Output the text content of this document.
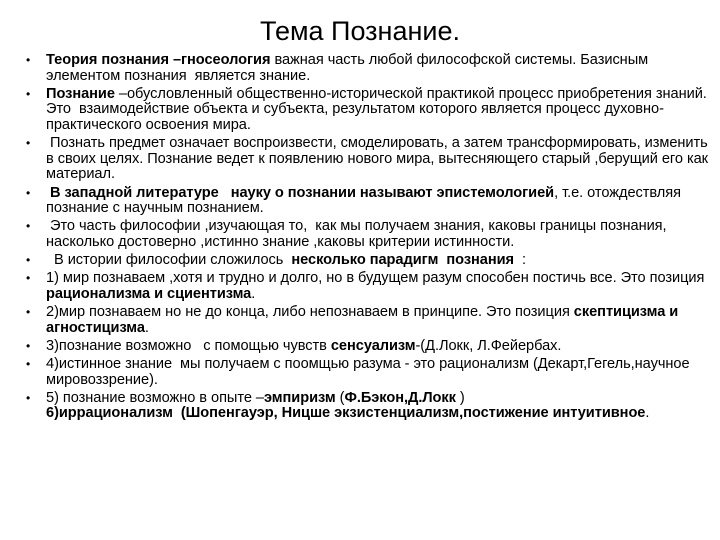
Тема Познание.
• Теория познания –гносеология важная часть любой философской системы. Базисным элементом познания  является знание.
• Познание –обусловленный общественно-исторической практикой процесс приобретения знаний. Это  взаимодействие объекта и субъекта, результатом которого является процесс духовно-практического освоения мира.
• Познать предмет означает воспроизвести, смоделировать, а затем трансформировать, изменить в своих целях. Познание ведет к появлению нового мира, вытесняющего старый ,берущий его как материал.
• В западной литературе   науку о познании называют эпистемологией, т.е. отождествляя познание с научным познанием.
• Это часть философии ,изучающая то,  как мы получаем знания, каковы границы познания, насколько достоверно ,истинно знание ,каковы критерии истинности.
• В истории философии сложилось  несколько парадигм  познания  :
• 1) мир познаваем ,хотя и трудно и долго, но в будущем разум способен постичь все. Это позиция рационализма и сциентизма.
• 2)мир познаваем но не до конца, либо непознаваем в принципе. Это позиция скептицизма и агностицизма.
• 3)познание возможно   с помощью чувств сенсуализм-(Д.Локк, Л.Фейербах.
• 4)истинное знание  мы получаем с поомщью разума - это рационализм (Декарт,Гегель,научное мировоззрение).
• 5) познание возможно в опыте –эмпиризм (Ф.Бэкон,Д.Локк )
6)иррационализм  (Шопенгауэр, Ницше экзистенциализм,постижение интуитивное.
